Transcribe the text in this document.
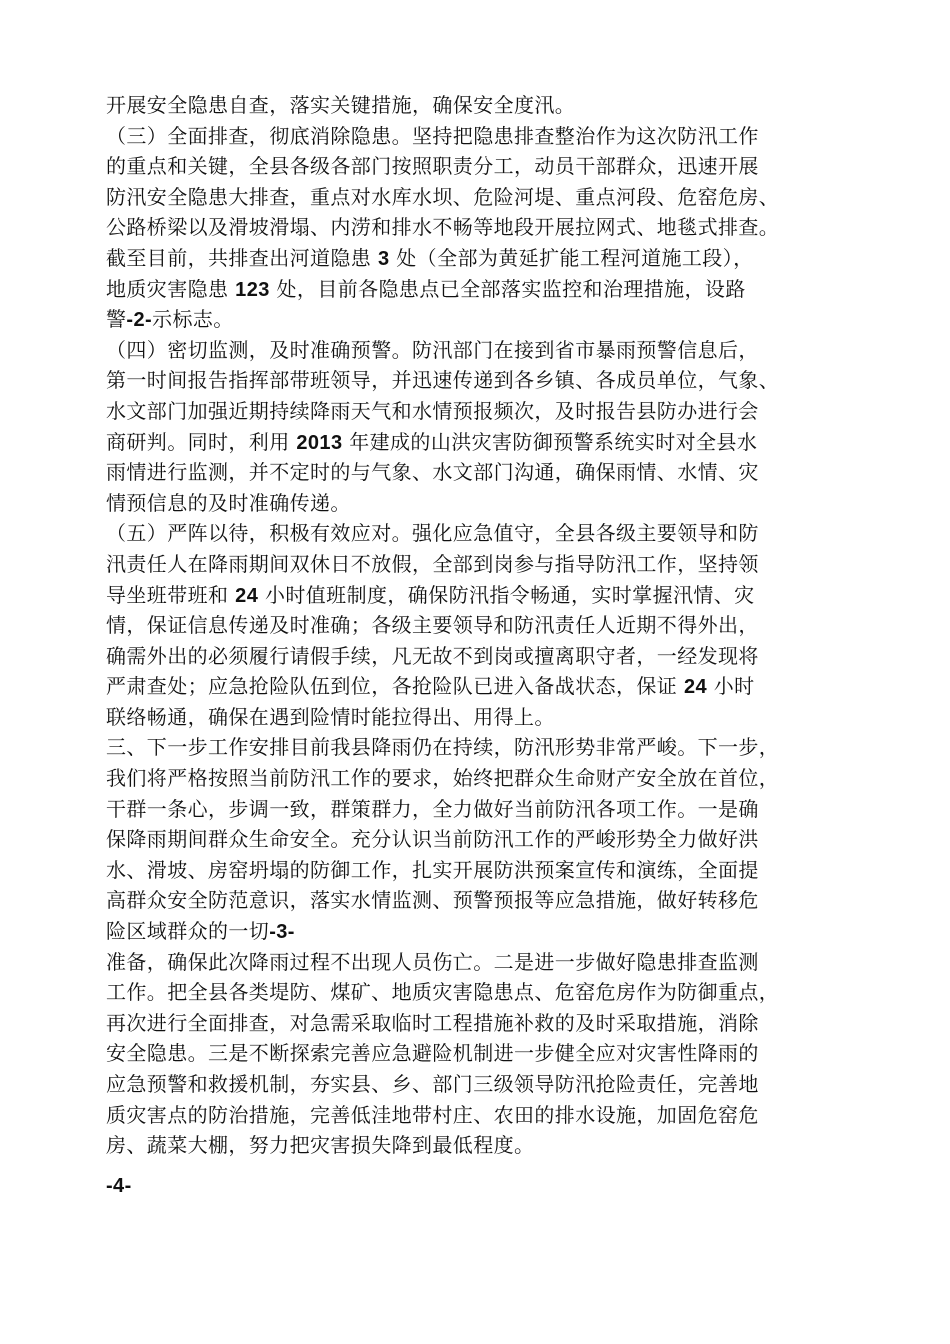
开展安全隐患自查，落实关键措施，确保安全度汛。
（三）全面排查，彻底消除隐患。坚持把隐患排查整治作为这次防汛工作
的重点和关键，全县各级各部门按照职责分工，动员干部群众，迅速开展
防汛安全隐患大排查，重点对水库水坝、危险河堤、重点河段、危窑危房、
公路桥梁以及滑坡滑塌、内涝和排水不畅等地段开展拉网式、地毯式排查。
截至目前，共排查出河道隐患 3 处（全部为黄延扩能工程河道施工段），
地质灾害隐患 123 处，目前各隐患点已全部落实监控和治理措施，设路
警-2-示标志。
（四）密切监测，及时准确预警。防汛部门在接到省市暴雨预警信息后，
第一时间报告指挥部带班领导，并迅速传递到各乡镇、各成员单位，气象、
水文部门加强近期持续降雨天气和水情预报频次，及时报告县防办进行会
商研判。同时，利用 2013 年建成的山洪灾害防御预警系统实时对全县水
雨情进行监测，并不定时的与气象、水文部门沟通，确保雨情、水情、灾
情预信息的及时准确传递。
（五）严阵以待，积极有效应对。强化应急值守，全县各级主要领导和防
汛责任人在降雨期间双休日不放假，全部到岗参与指导防汛工作，坚持领
导坐班带班和 24 小时值班制度，确保防汛指令畅通，实时掌握汛情、灾
情，保证信息传递及时准确；各级主要领导和防汛责任人近期不得外出，
确需外出的必须履行请假手续，凡无故不到岗或擅离职守者，一经发现将
严肃查处；应急抢险队伍到位，各抢险队已进入备战状态，保证 24 小时
联络畅通，确保在遇到险情时能拉得出、用得上。
三、下一步工作安排目前我县降雨仍在持续，防汛形势非常严峻。下一步，
我们将严格按照当前防汛工作的要求，始终把群众生命财产安全放在首位，
干群一条心，步调一致，群策群力，全力做好当前防汛各项工作。一是确
保降雨期间群众生命安全。充分认识当前防汛工作的严峻形势全力做好洪
水、滑坡、房窑坍塌的防御工作，扎实开展防洪预案宣传和演练，全面提
高群众安全防范意识，落实水情监测、预警预报等应急措施，做好转移危
险区域群众的一切-3-
准备，确保此次降雨过程不出现人员伤亡。二是进一步做好隐患排查监测
工作。把全县各类堤防、煤矿、地质灾害隐患点、危窑危房作为防御重点，
再次进行全面排查，对急需采取临时工程措施补救的及时采取措施，消除
安全隐患。三是不断探索完善应急避险机制进一步健全应对灾害性降雨的
应急预警和救援机制，夯实县、乡、部门三级领导防汛抢险责任，完善地
质灾害点的防治措施，完善低洼地带村庄、农田的排水设施，加固危窑危
房、蔬菜大棚，努力把灾害损失降到最低程度。
-4-
